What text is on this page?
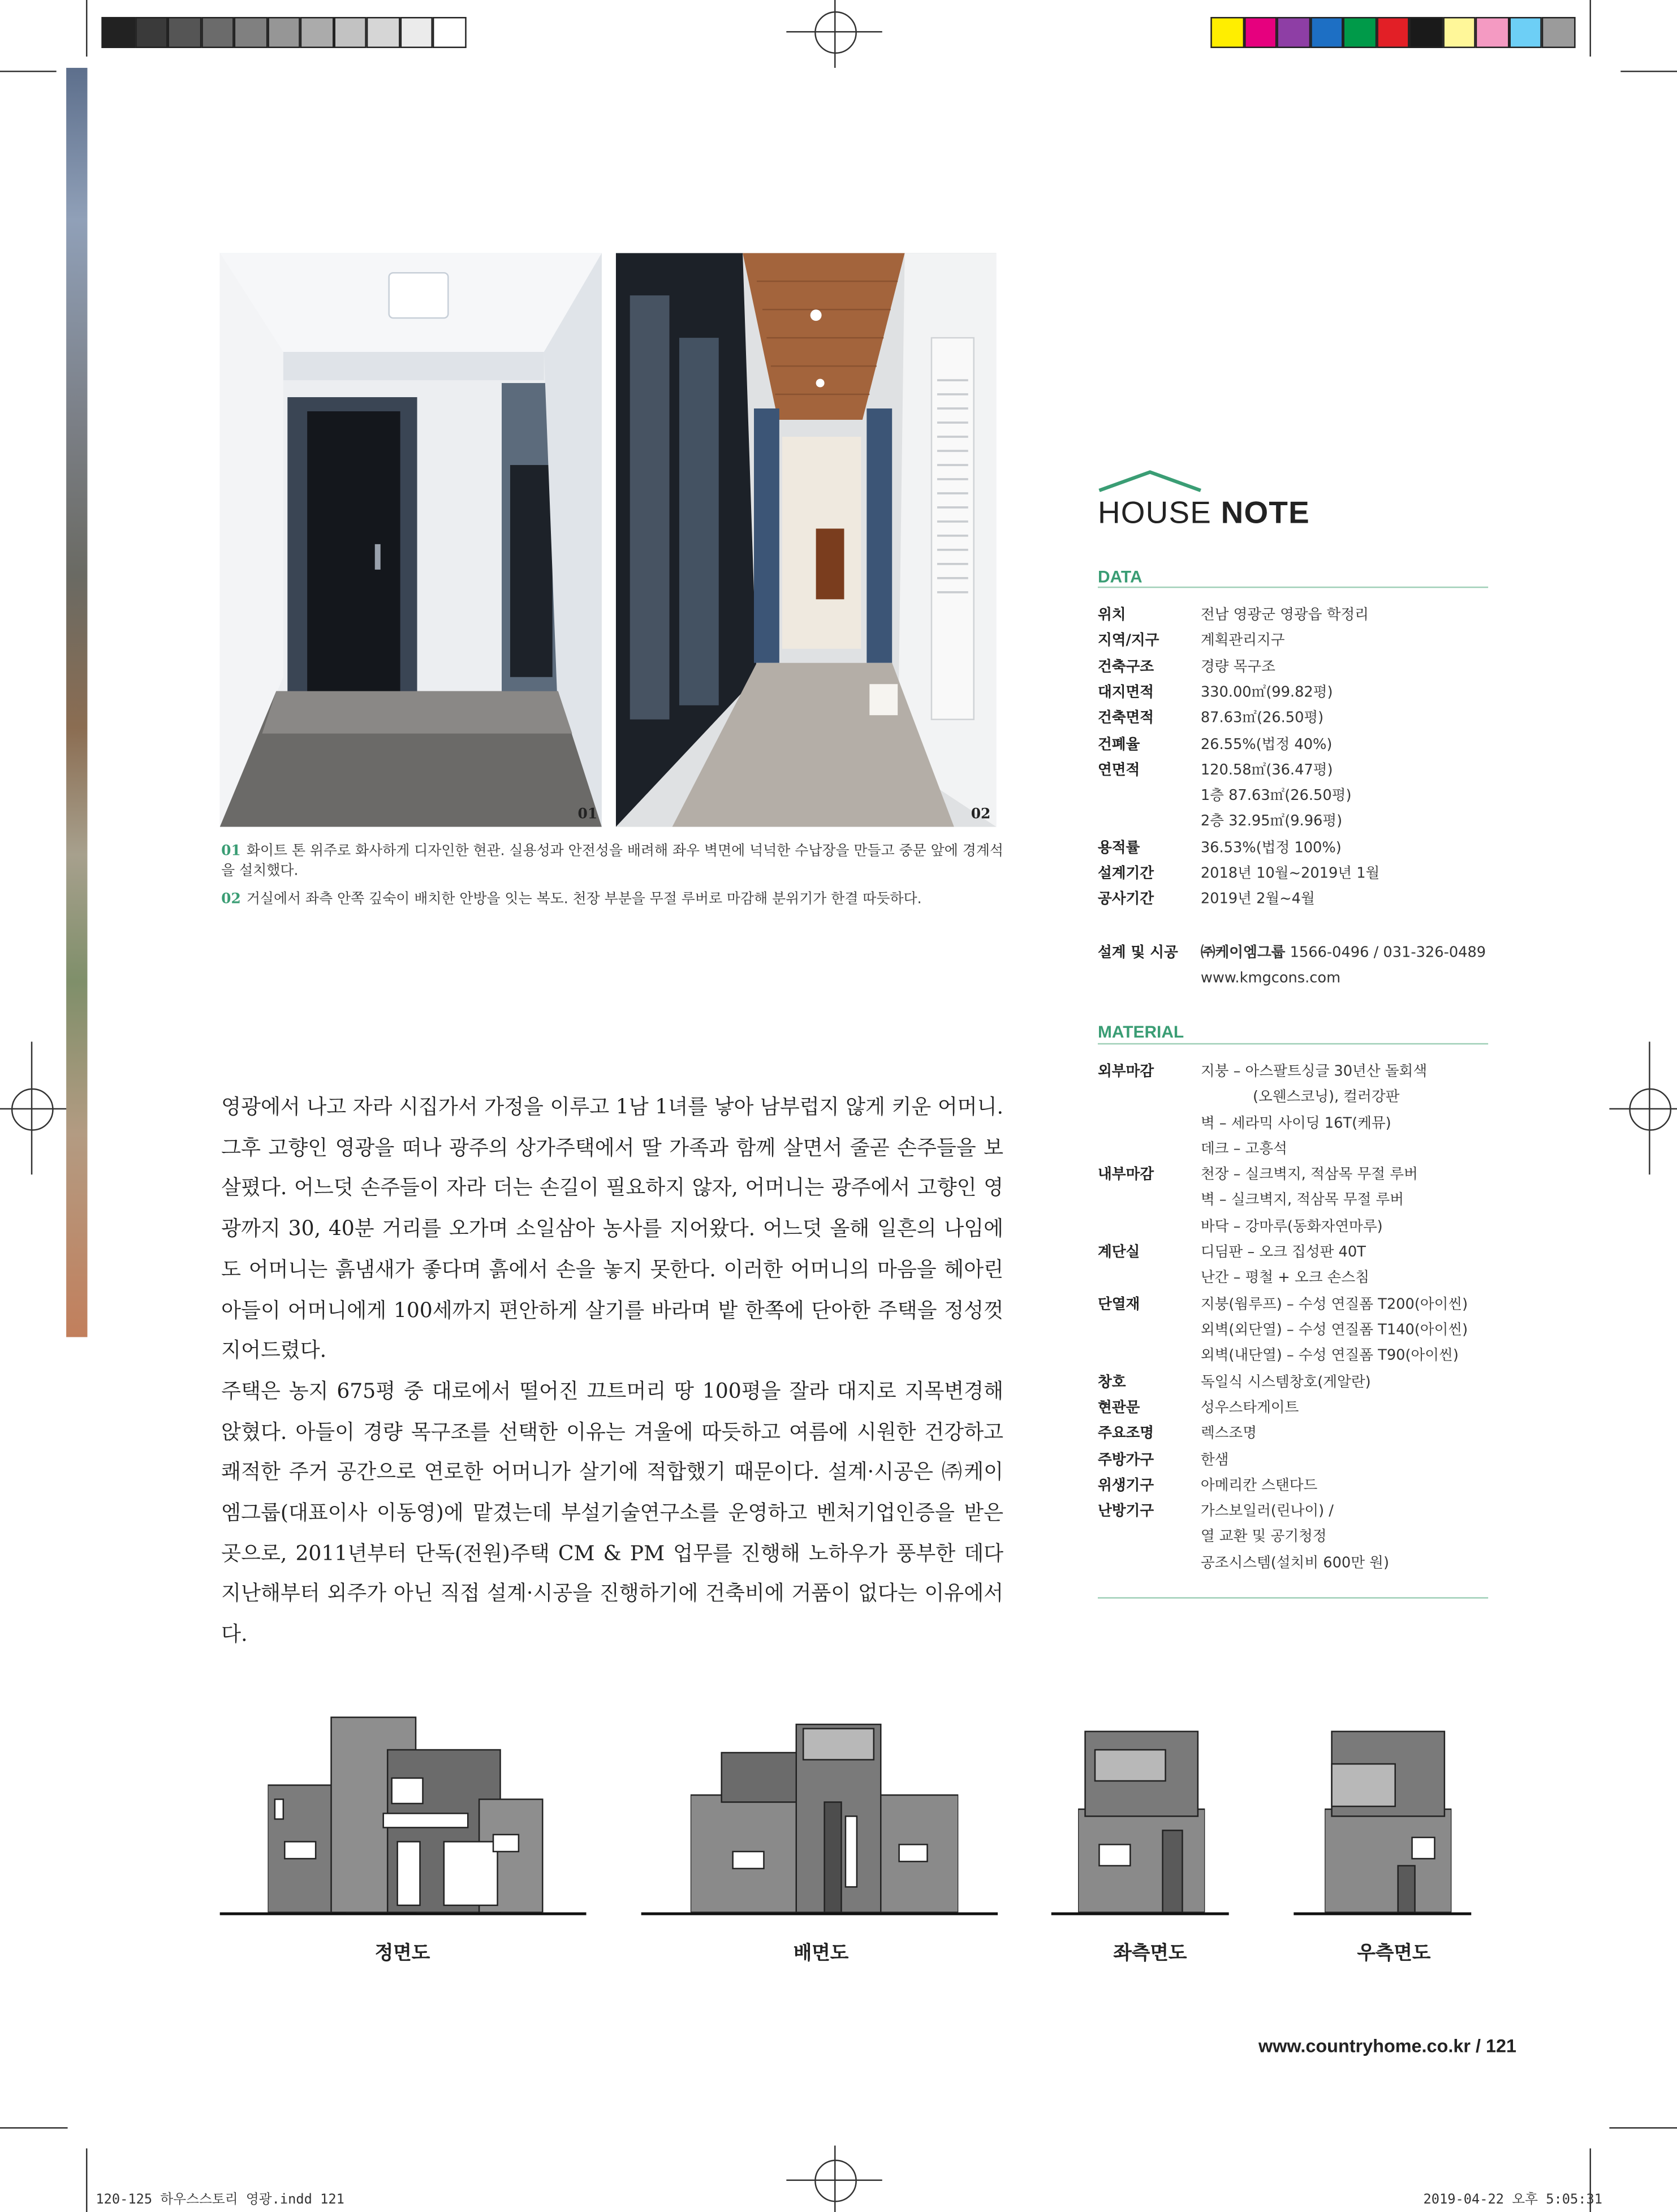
01	02
01 화이트 톤 위주로 화사하게 디자인한 현관. 실용성과 안전성을 배려해 좌우 벽면에 넉넉한 수납장을 만들고 중문 앞에 경계석을 설치했다.
02 거실에서 좌측 안쪽 깊숙이 배치한 안방을 잇는 복도. 천장 부분을 무절 루버로 마감해 분위기가 한결 따듯하다.

영광에서 나고 자라 시집가서 가정을 이루고 1남 1녀를 낳아 남부럽지 않게 키운 어머니. 그후 고향인 영광을 떠나 광주의 상가주택에서 딸 가족과 함께 살면서 줄곧 손주들을 보살폈다. 어느덧 손주들이 자라 더는 손길이 필요하지 않자, 어머니는 광주에서 고향인 영광까지 30, 40분 거리를 오가며 소일삼아 농사를 지어왔다. 어느덧 올해 일흔의 나임에도 어머니는 흙냄새가 좋다며 흙에서 손을 놓지 못한다. 이러한 어머니의 마음을 헤아린 아들이 어머니에게 100세까지 편안하게 살기를 바라며 밭 한쪽에 단아한 주택을 정성껏 지어드렸다.

주택은 농지 675평 중 대로에서 떨어진 끄트머리 땅 100평을 잘라 대지로 지목변경해 앉혔다. 아들이 경량 목구조를 선택한 이유는 겨울에 따듯하고 여름에 시원한 건강하고 쾌적한 주거 공간으로 연로한 어머니가 살기에 적합했기 때문이다. 설계·시공은 ㈜케이엠그룹(대표이사 이동영)에 맡겼는데 부설기술연구소를 운영하고 벤처기업인증을 받은 곳으로, 2011년부터 단독(전원)주택 CM & PM 업무를 진행해 노하우가 풍부한 데다 지난해부터 외주가 아닌 직접 설계·시공을 진행하기에 건축비에 거품이 없다는 이유에서다.

HOUSE NOTE
DATA
위치	전남 영광군 영광읍 학정리
지역/지구	계획관리지구
건축구조	경량 목구조
대지면적	330.00㎡(99.82평)
건축면적	87.63㎡(26.50평)
건폐율	26.55%(법정 40%)
연면적	120.58㎡(36.47평)
1층 87.63㎡(26.50평)
2층 32.95㎡(9.96평)
용적률	36.53%(법정 100%)
설계기간	2018년 10월~2019년 1월
공사기간	2019년 2월~4월
설계 및 시공	㈜케이엠그룹 1566-0496 / 031-326-0489
www.kmgcons.com
MATERIAL
외부마감	지붕 – 아스팔트싱글 30년산 돌회색
(오웬스코닝), 컬러강판
벽 – 세라믹 사이딩 16T(케뮤)
데크 – 고흥석
내부마감	천장 – 실크벽지, 적삼목 무절 루버
벽 – 실크벽지, 적삼목 무절 루버
바닥 – 강마루(동화자연마루)
계단실	디딤판 – 오크 집성판 40T
난간 – 평철 + 오크 손스침
단열재	지붕(웜루프) – 수성 연질폼 T200(아이씬)
외벽(외단열) – 수성 연질폼 T140(아이씬)
외벽(내단열) – 수성 연질폼 T90(아이씬)
창호	독일식 시스템창호(게알란)
현관문	성우스타게이트
주요조명	렉스조명
주방가구	한샘
위생기구	아메리칸 스탠다드
난방기구	가스보일러(린나이) /
열 교환 및 공기청정
공조시스템(설치비 600만 원)
정면도	배면도	좌측면도	우측면도
www.countryhome.co.kr / 121
120-125 하우스스토리 영광.indd 121	2019-04-22 오후 5:05:31
